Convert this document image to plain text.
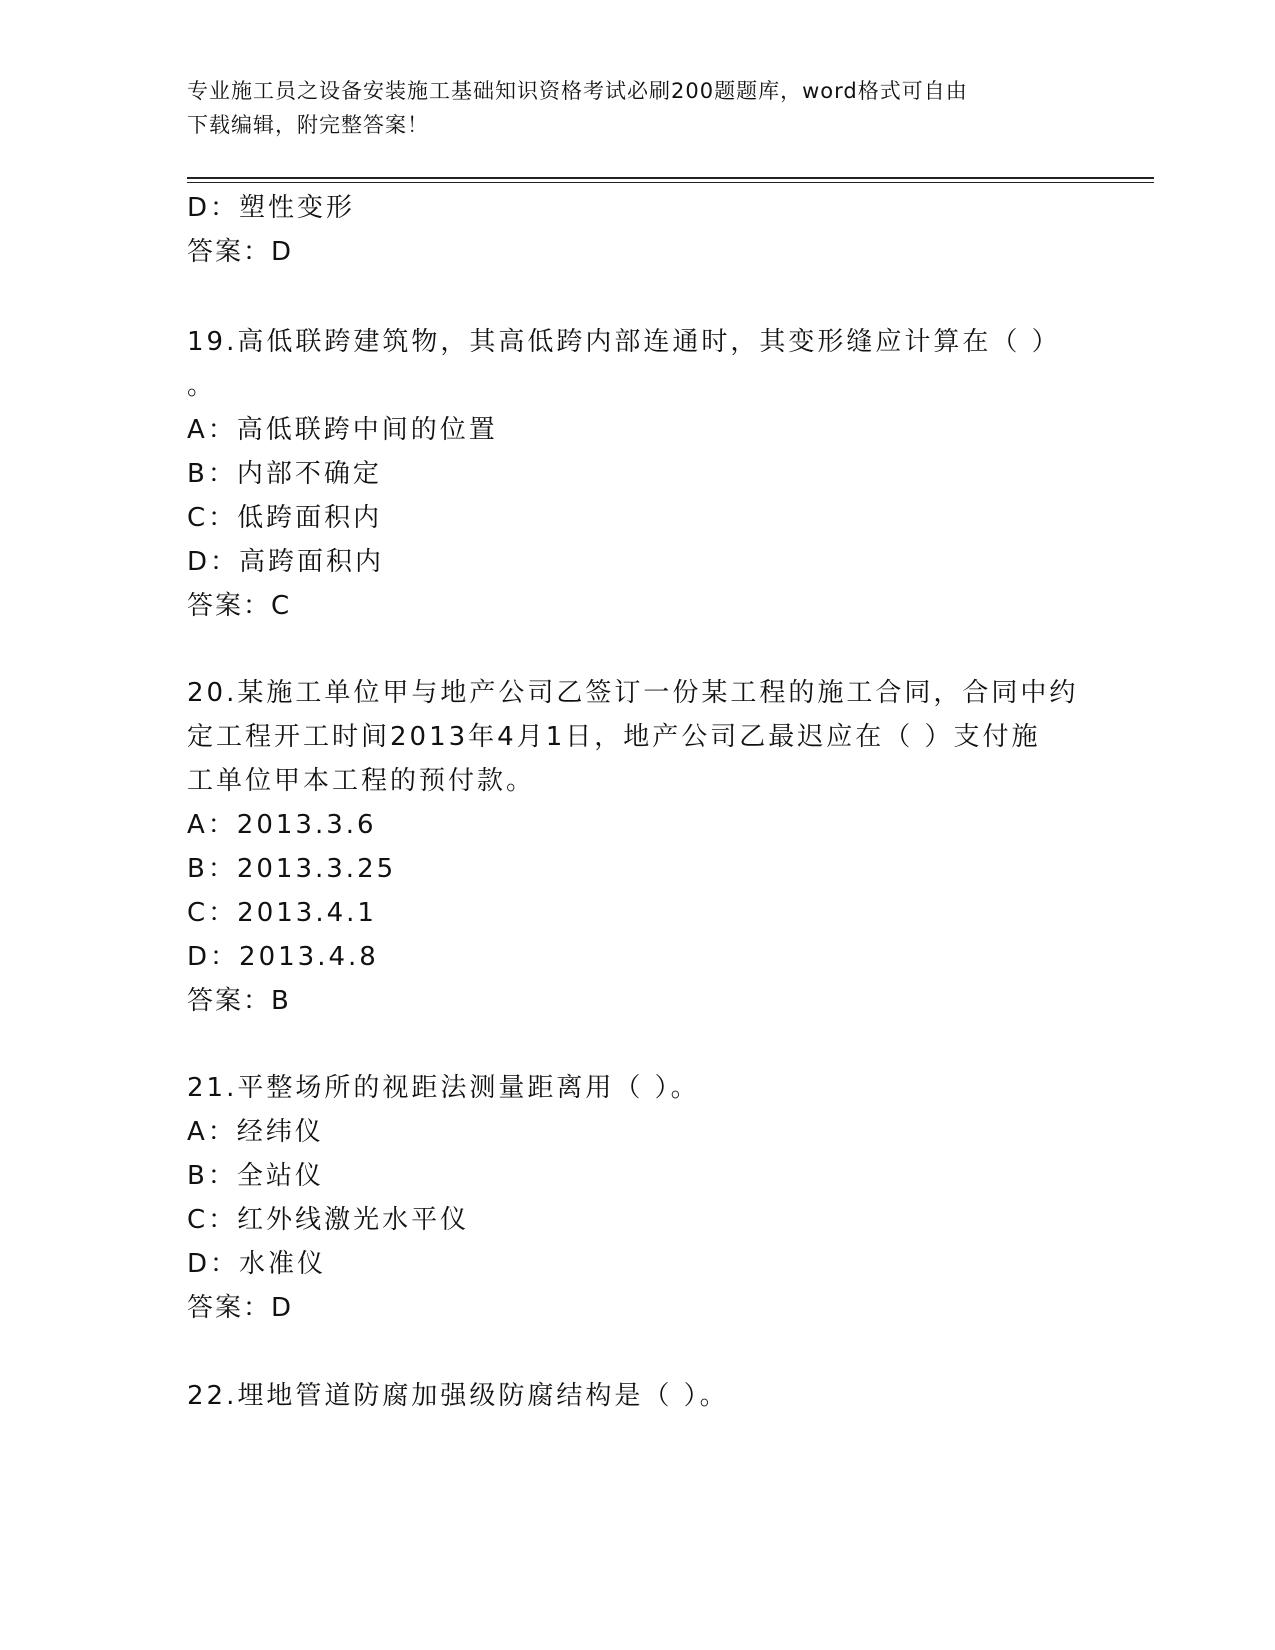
专业施工员之设备安装施工基础知识资格考试必刷200题题库，word格式可自由
下载编辑，附完整答案！
D：塑性变形
答案：D
19.高低联跨建筑物，其高低跨内部连通时，其变形缝应计算在（ ）
。
A：高低联跨中间的位置
B：内部不确定
C：低跨面积内
D：高跨面积内
答案：C
20.某施工单位甲与地产公司乙签订一份某工程的施工合同，合同中约
定工程开工时间2013年4月1日，地产公司乙最迟应在（ ）支付施
工单位甲本工程的预付款。
A：2013.3.6
B：2013.3.25
C：2013.4.1
D：2013.4.8
答案：B
21.平整场所的视距法测量距离用（ ）。
A：经纬仪
B：全站仪
C：红外线激光水平仪
D：水准仪
答案：D
22.埋地管道防腐加强级防腐结构是（ ）。
